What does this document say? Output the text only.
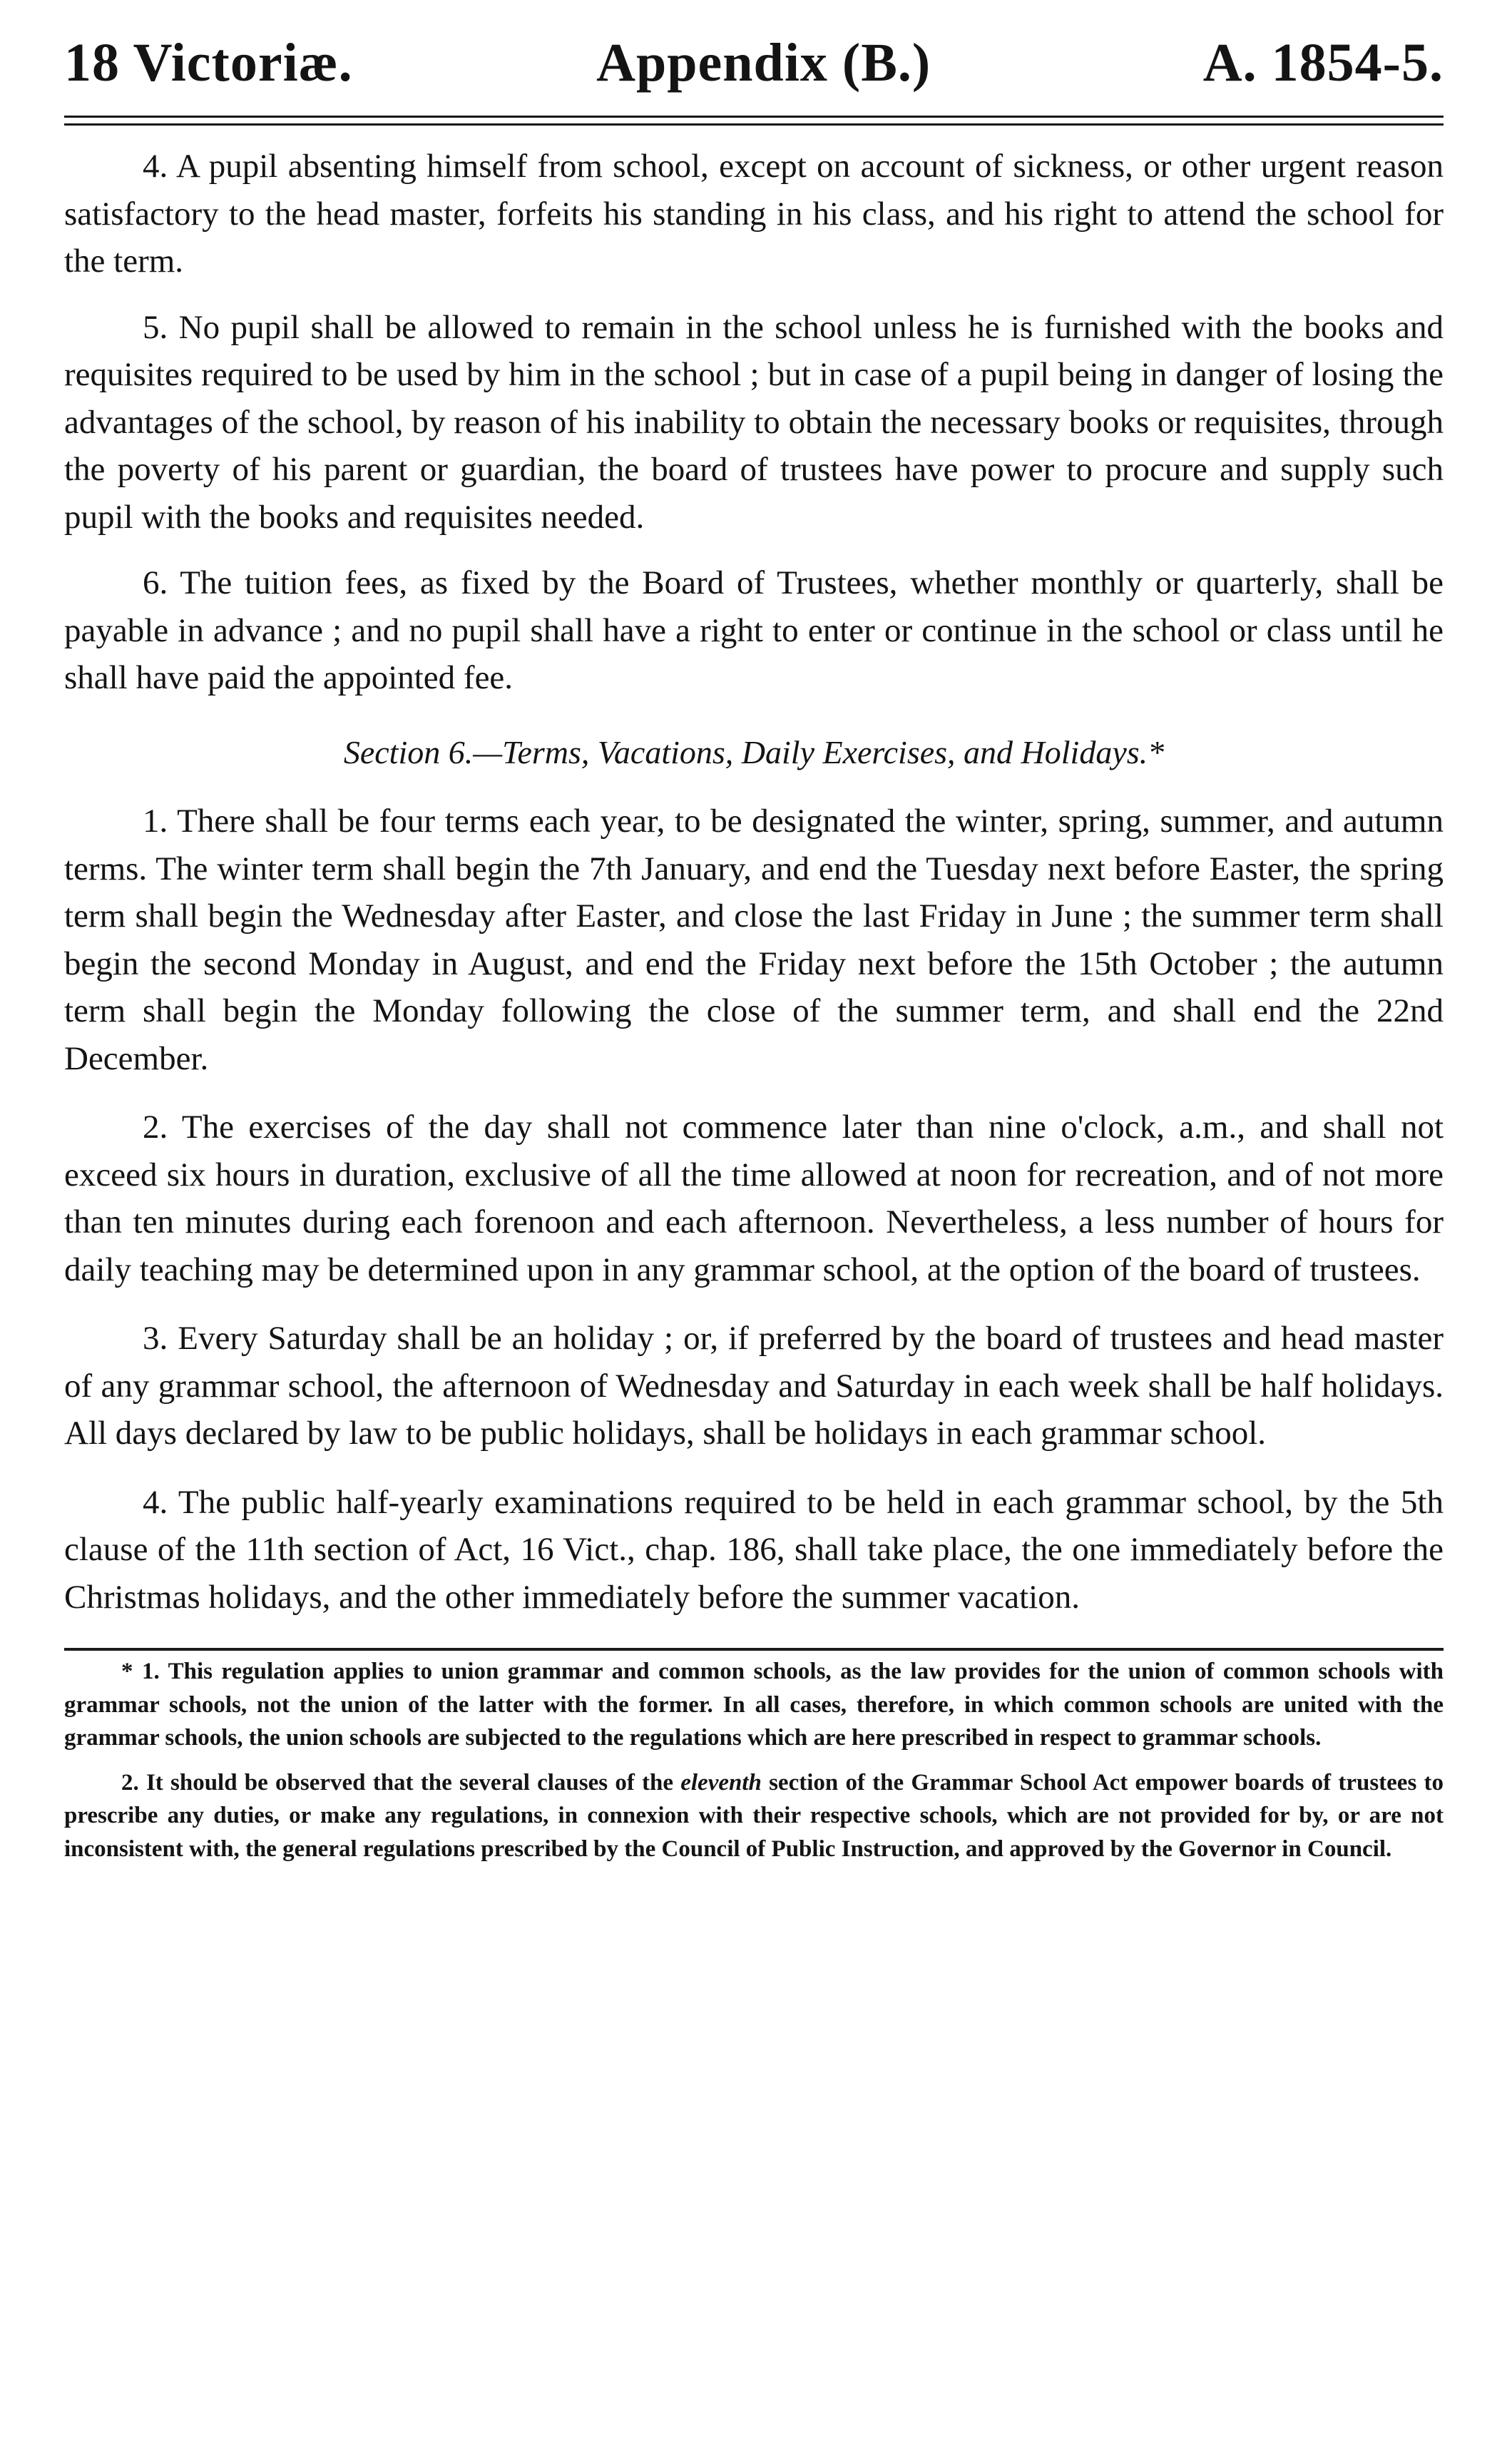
18 Victoriæ.	Appendix (B.)	A. 1854-5.

4. A pupil absenting himself from school, except on account of sickness, or other urgent reason satisfactory to the head master, forfeits his standing in his class, and his right to attend the school for the term.

5. No pupil shall be allowed to remain in the school unless he is furnished with the books and requisites required to be used by him in the school ; but in case of a pupil being in danger of losing the advantages of the school, by reason of his inability to obtain the necessary books or requisites, through the poverty of his parent or guardian, the board of trustees have power to procure and supply such pupil with the books and requisites needed.

6. The tuition fees, as fixed by the Board of Trustees, whether monthly or quarterly, shall be payable in advance ; and no pupil shall have a right to enter or continue in the school or class until he shall have paid the appointed fee.

Section 6.—Terms, Vacations, Daily Exercises, and Holidays.*

1. There shall be four terms each year, to be designated the winter, spring, summer, and autumn terms. The winter term shall begin the 7th January, and end the Tuesday next before Easter, the spring term shall begin the Wednesday after Easter, and close the last Friday in June ; the summer term shall begin the second Monday in August, and end the Friday next before the 15th October ; the autumn term shall begin the Monday following the close of the summer term, and shall end the 22nd December.

2. The exercises of the day shall not commence later than nine o'clock, a.m., and shall not exceed six hours in duration, exclusive of all the time allowed at noon for recreation, and of not more than ten minutes during each forenoon and each afternoon. Nevertheless, a less number of hours for daily teaching may be determined upon in any grammar school, at the option of the board of trustees.

3. Every Saturday shall be an holiday ; or, if preferred by the board of trustees and head master of any grammar school, the afternoon of Wednesday and Saturday in each week shall be half holidays. All days declared by law to be public holidays, shall be holidays in each grammar school.

4. The public half-yearly examinations required to be held in each grammar school, by the 5th clause of the 11th section of Act, 16 Vict., chap. 186, shall take place, the one immediately before the Christmas holidays, and the other immediately before the summer vacation.

* 1. This regulation applies to union grammar and common schools, as the law provides for the union of common schools with grammar schools, not the union of the latter with the former. In all cases, therefore, in which common schools are united with the grammar schools, the union schools are subjected to the regulations which are here prescribed in respect to grammar schools.

2. It should be observed that the several clauses of the eleventh section of the Grammar School Act empower boards of trustees to prescribe any duties, or make any regulations, in connexion with their respective schools, which are not provided for by, or are not inconsistent with, the general regulations prescribed by the Council of Public Instruction, and approved by the Governor in Council.
